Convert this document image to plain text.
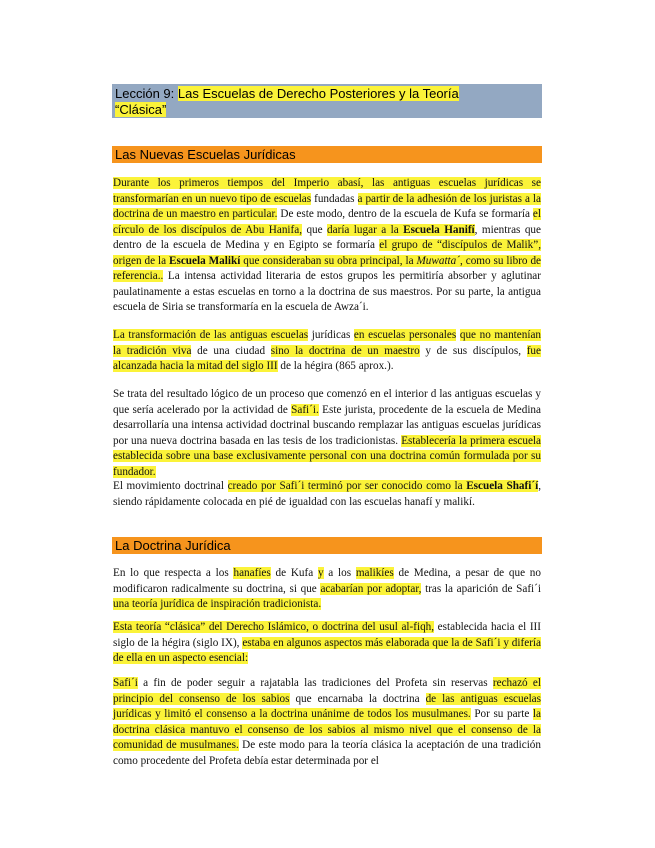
Lección 9: Las Escuelas de Derecho Posteriores y la Teoría
“Clásica”
Las Nuevas Escuelas Jurídicas

Durante los primeros tiempos del Imperio abasí, las antiguas escuelas jurídicas se transformarían en un nuevo tipo de escuelas fundadas a partir de la adhesión de los juristas a la doctrina de un maestro en particular. De este modo, dentro de la escuela de Kufa se formaría el círculo de los discípulos de Abu Hanifa, que daría lugar a la Escuela Hanifí, mientras que dentro de la escuela de Medina y en Egipto se formaría el grupo de “discípulos de Malik”, origen de la Escuela Malikí que consideraban su obra principal, la Muwatta´, como su libro de referencia.. La intensa actividad literaria de estos grupos les permitiría absorber y aglutinar paulatinamente a estas escuelas en torno a la doctrina de sus maestros. Por su parte, la antigua escuela de Siria se transformaría en la escuela de Awza´i.

La transformación de las antiguas escuelas jurídicas en escuelas personales que no mantenían la tradición viva de una ciudad sino la doctrina de un maestro y de sus discípulos, fue alcanzada hacia la mitad del siglo III de la hégira (865 aprox.).

Se trata del resultado lógico de un proceso que comenzó en el interior d las antiguas escuelas y que sería acelerado por la actividad de Safi´i. Este jurista, procedente de la escuela de Medina desarrollaría una intensa actividad doctrinal buscando remplazar las antiguas escuelas jurídicas por una nueva doctrina basada en las tesis de los tradicionistas. Establecería la primera escuela establecida sobre una base exclusivamente personal con una doctrina común formulada por su fundador.

El movimiento doctrinal creado por Safi´i terminó por ser conocido como la Escuela Shafi´í, siendo rápidamente colocada en pié de igualdad con las escuelas hanafí y malikí.

La Doctrina Jurídica

En lo que respecta a los hanafíes de Kufa y a los malikíes de Medina, a pesar de que no modificaron radicalmente su doctrina, si que acabarían por adoptar, tras la aparición de Safi´i una teoría jurídica de inspiración tradicionista.

Esta teoría “clásica” del Derecho Islámico, o doctrina del usul al-fiqh, establecida hacia el III siglo de la hégira (siglo IX), estaba en algunos aspectos más elaborada que la de Safi´i y difería de ella en un aspecto esencial:

Safi´i a fin de poder seguir a rajatabla las tradiciones del Profeta sin reservas rechazó el principio del consenso de los sabios que encarnaba la doctrina de las antiguas escuelas jurídicas y limitó el consenso a la doctrina unánime de todos los musulmanes. Por su parte la doctrina clásica mantuvo el consenso de los sabios al mismo nivel que el consenso de la comunidad de musulmanes. De este modo para la teoría clásica la aceptación de una tradición como procedente del Profeta debía estar determinada por el
